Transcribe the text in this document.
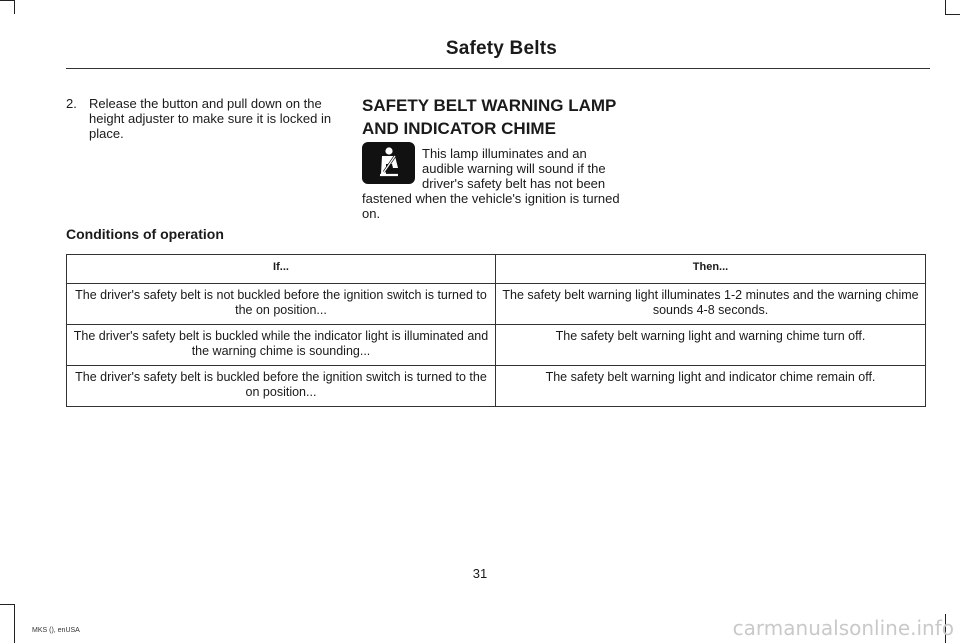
Safety Belts
2. Release the button and pull down on the height adjuster to make sure it is locked in place.
SAFETY BELT WARNING LAMP AND INDICATOR CHIME
This lamp illuminates and an audible warning will sound if the driver's safety belt has not been
fastened when the vehicle's ignition is turned on.
Conditions of operation
If...	Then...
The driver's safety belt is not buckled before the ignition switch is turned to the on position...	The safety belt warning light illuminates 1-2 minutes and the warning chime sounds 4-8 seconds.
The driver's safety belt is buckled while the indicator light is illuminated and the warning chime is sounding...	The safety belt warning light and warning chime turn off.
The driver's safety belt is buckled before the ignition switch is turned to the on position...	The safety belt warning light and indicator chime remain off.
31
MKS (), enUSA	carmanualsonline.info
